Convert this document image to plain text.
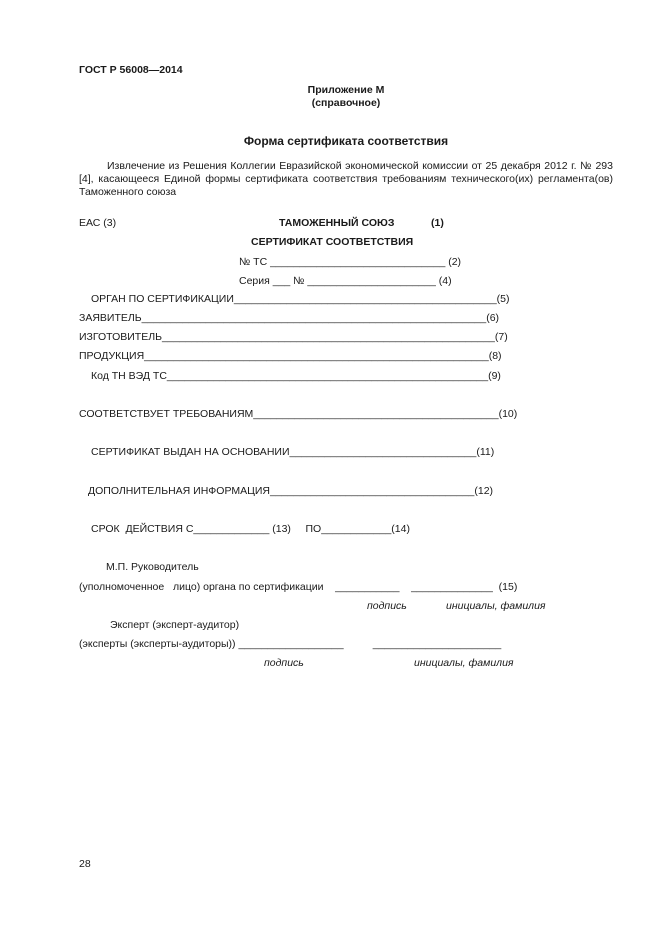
ГОСТ Р 56008—2014
Приложение М
(справочное)
Форма сертификата соответствия
Извлечение из Решения Коллегии Евразийской экономической комиссии от 25 декабря 2012 г. № 293 [4], касающееся Единой формы сертификата соответствия требованиям технического(их) регламента(ов) Таможенного союза
ЕАС (3)	ТАМОЖЕННЫЙ СОЮЗ	(1)
СЕРТИФИКАТ СООТВЕТСТВИЯ
№ ТС ______________________________ (2)
Серия ___ № ______________________ (4)
ОРГАН ПО СЕРТИФИКАЦИИ_____________________________________________(5)
ЗАЯВИТЕЛЬ___________________________________________________________(6)
ИЗГОТОВИТЕЛЬ_________________________________________________________(7)
ПРОДУКЦИЯ___________________________________________________________(8)
Код ТН ВЭД ТС_______________________________________________________(9)
СООТВЕТСТВУЕТ ТРЕБОВАНИЯМ__________________________________________(10)
СЕРТИФИКАТ ВЫДАН НА ОСНОВАНИИ________________________________(11)
ДОПОЛНИТЕЛЬНАЯ ИНФОРМАЦИЯ___________________________________(12)
СРОК  ДЕЙСТВИЯ С_____________ (13)     ПО____________(14)
М.П. Руководитель
(уполномоченное   лицо) органа по сертификации    ___________    ______________  (15)
подпись	инициалы, фамилия
Эксперт (эксперт-аудитор)
(эксперты (эксперты-аудиторы)) __________________          ______________________
подпись	инициалы, фамилия
28
